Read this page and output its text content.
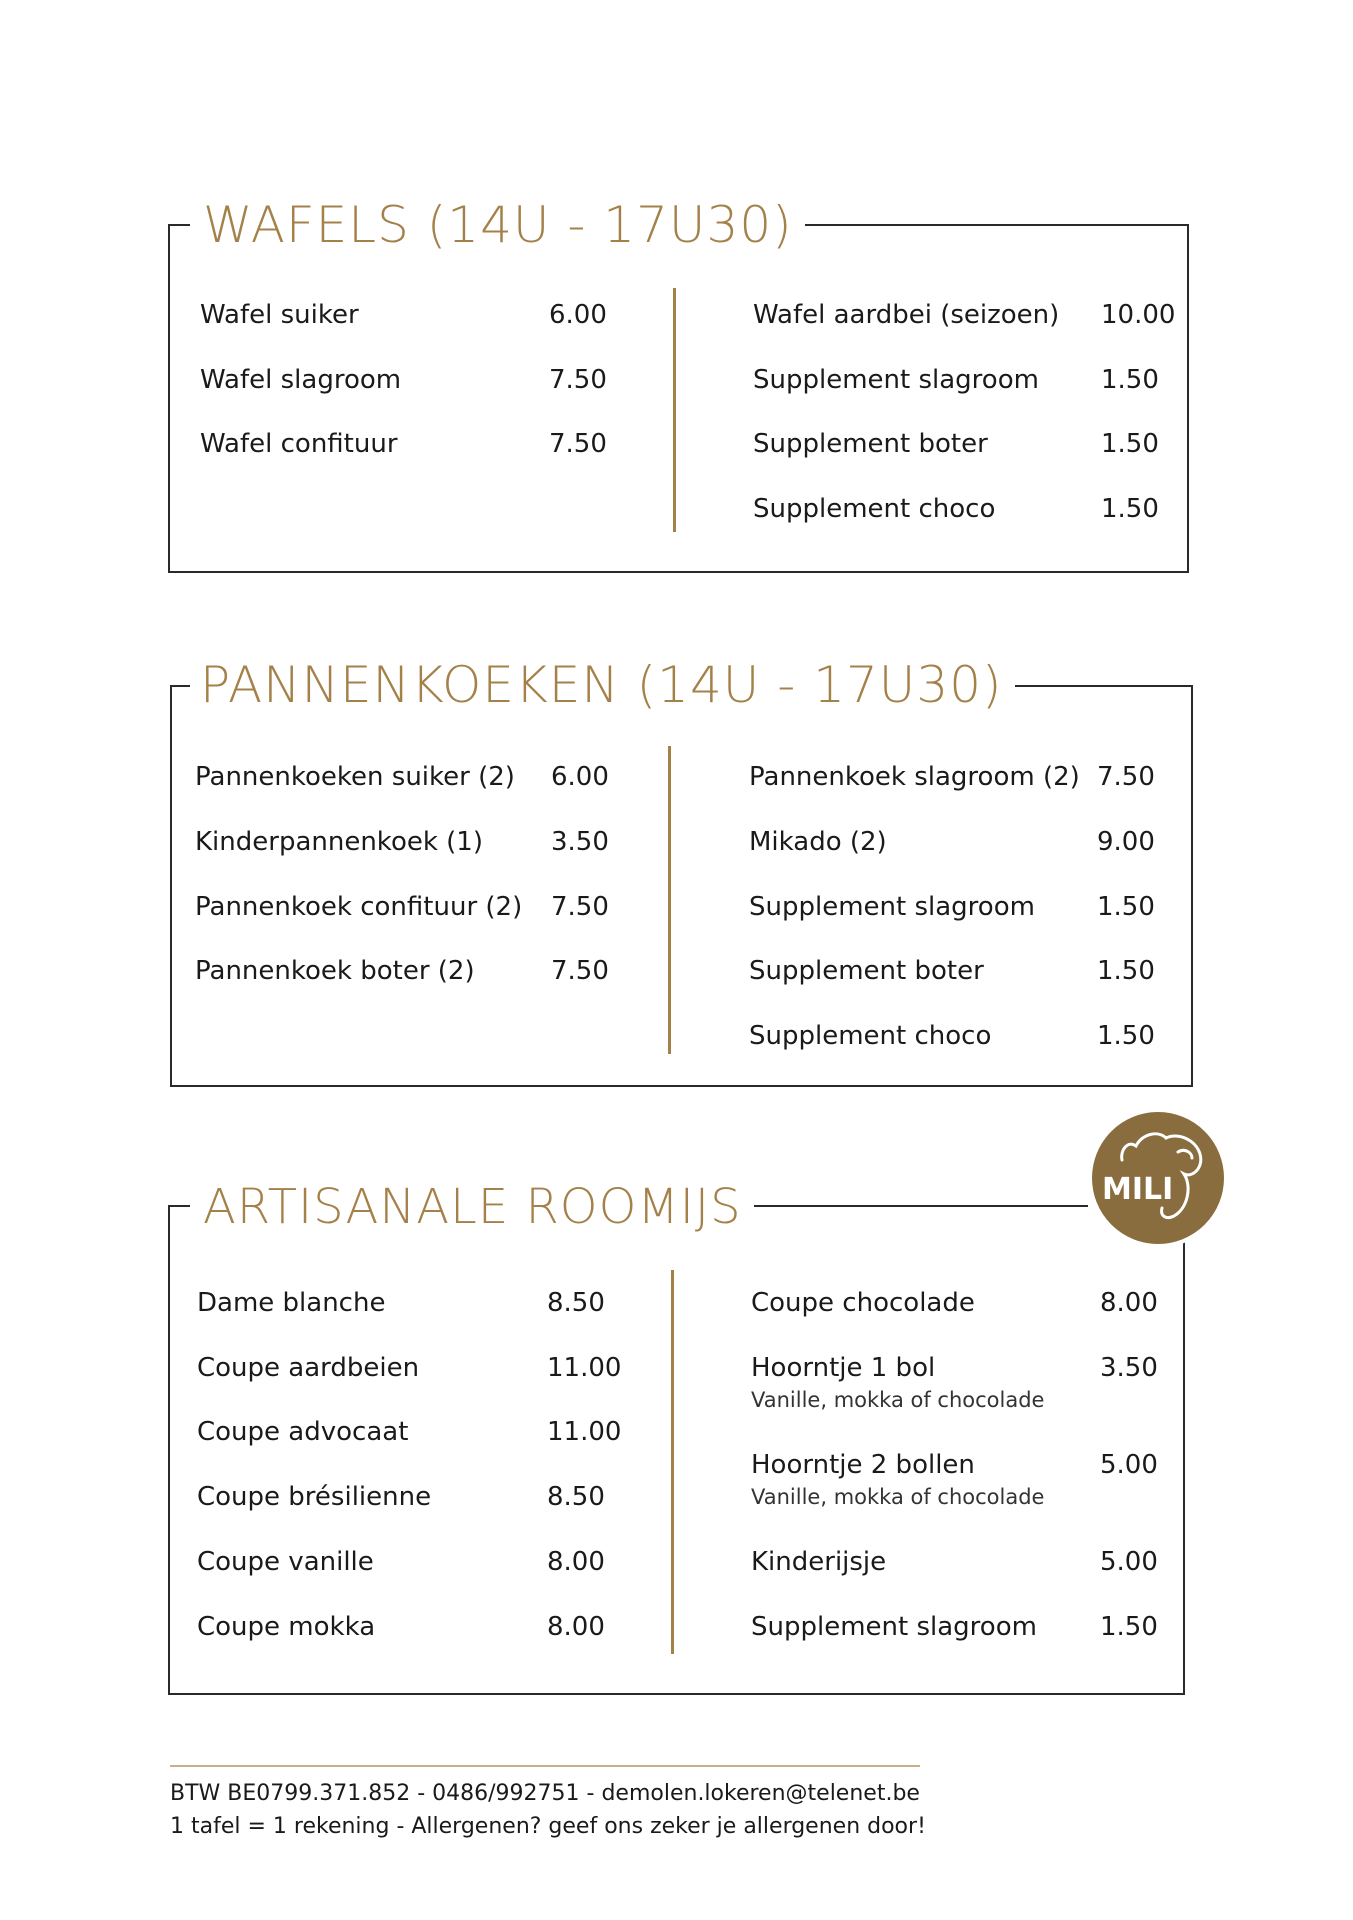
WAFELS (14U - 17U30)
Wafel suiker	6.00
Wafel slagroom	7.50
Wafel confituur	7.50
Wafel aardbei (seizoen) 10.00
Supplement slagroom 1.50
Supplement boter	1.50
Supplement choco	1.50
PANNENKOEKEN (14U - 17U30)
Pannenkoeken suiker (2) 6.00
Kinderpannenkoek (1)	3.50
Pannenkoek confituur (2) 7.50
Pannenkoek boter (2)	7.50
Pannenkoek slagroom (2) 7.50
Mikado (2)	9.00
Supplement slagroom 1.50
Supplement boter	1.50
Supplement choco	1.50
ARTISANALE ROOMIJS	MILI
Dame blanche	8.50
Coupe aardbeien	11.00
Coupe advocaat	11.00
Coupe brésilienne	8.50
Coupe vanille	8.00
Coupe mokka	8.00
Coupe chocolade	8.00
Hoorntje 1 bol	3.50
Vanille, mokka of chocolade
Hoorntje 2 bollen	5.00
Vanille, mokka of chocolade
Kinderijsje	5.00
Supplement slagroom 1.50
BTW BE0799.371.852 - 0486/992751 - demolen.lokeren@telenet.be
1 tafel = 1 rekening - Allergenen? geef ons zeker je allergenen door!
